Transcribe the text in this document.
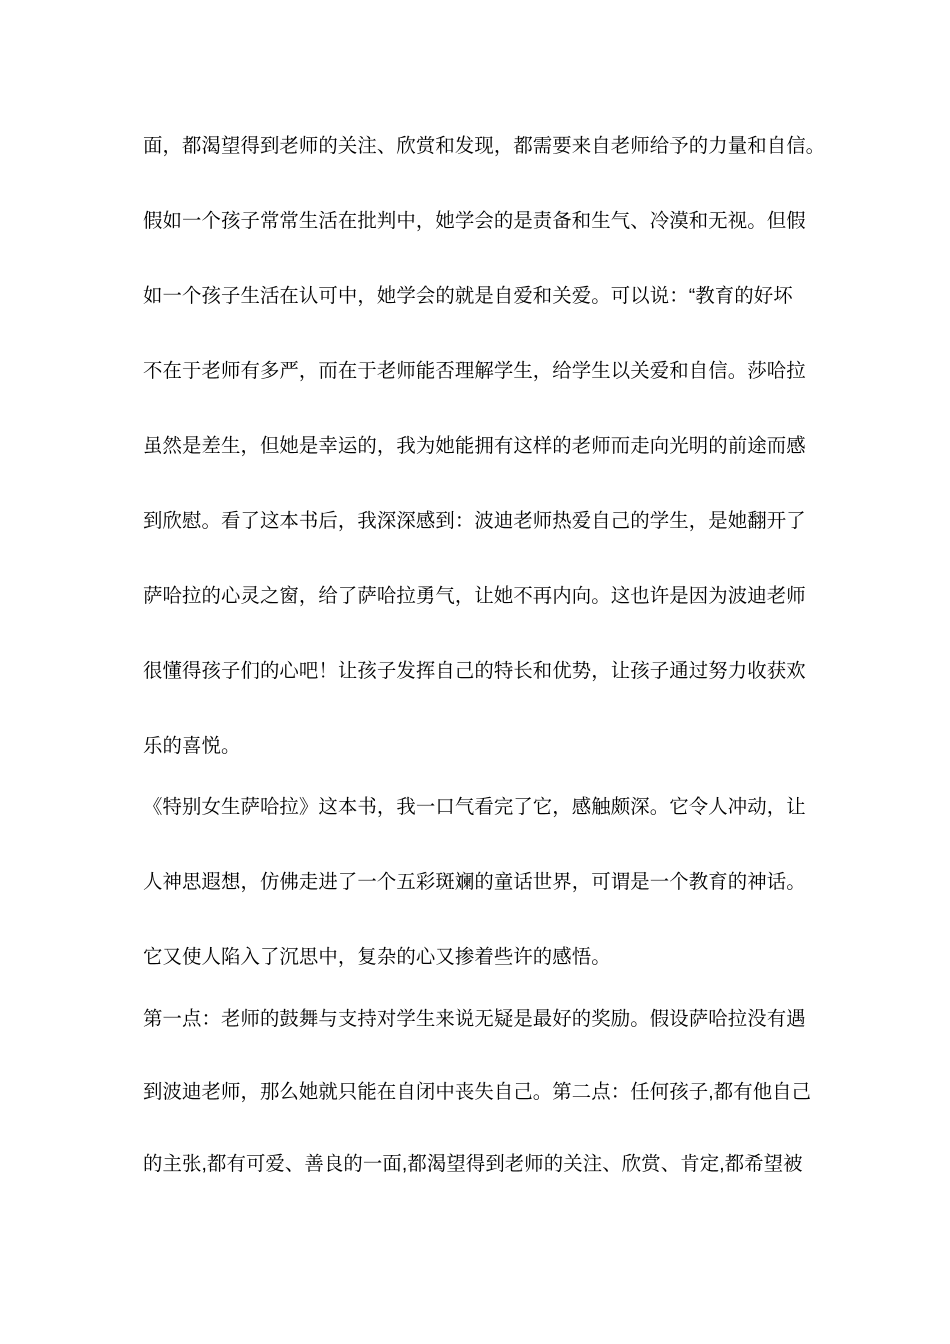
面，都渴望得到老师的关注、欣赏和发现，都需要来自老师给予的力量和自信。
假如一个孩子常常生活在批判中，她学会的是责备和生气、冷漠和无视。但假
如一个孩子生活在认可中，她学会的就是自爱和关爱。可以说：“教育的好坏
不在于老师有多严，而在于老师能否理解学生，给学生以关爱和自信。莎哈拉
虽然是差生，但她是幸运的，我为她能拥有这样的老师而走向光明的前途而感
到欣慰。看了这本书后，我深深感到：波迪老师热爱自己的学生，是她翻开了
萨哈拉的心灵之窗，给了萨哈拉勇气，让她不再内向。这也许是因为波迪老师
很懂得孩子们的心吧！让孩子发挥自己的特长和优势，让孩子通过努力收获欢
乐的喜悦。
《特别女生萨哈拉》这本书，我一口气看完了它，感触颇深。它令人冲动，让
人神思遐想，仿佛走进了一个五彩斑斓的童话世界，可谓是一个教育的神话。
它又使人陷入了沉思中，复杂的心又掺着些许的感悟。
第一点：老师的鼓舞与支持对学生来说无疑是最好的奖励。假设萨哈拉没有遇
到波迪老师，那么她就只能在自闭中丧失自己。第二点：任何孩子,都有他自己
的主张,都有可爱、善良的一面,都渴望得到老师的关注、欣赏、肯定,都希望被
